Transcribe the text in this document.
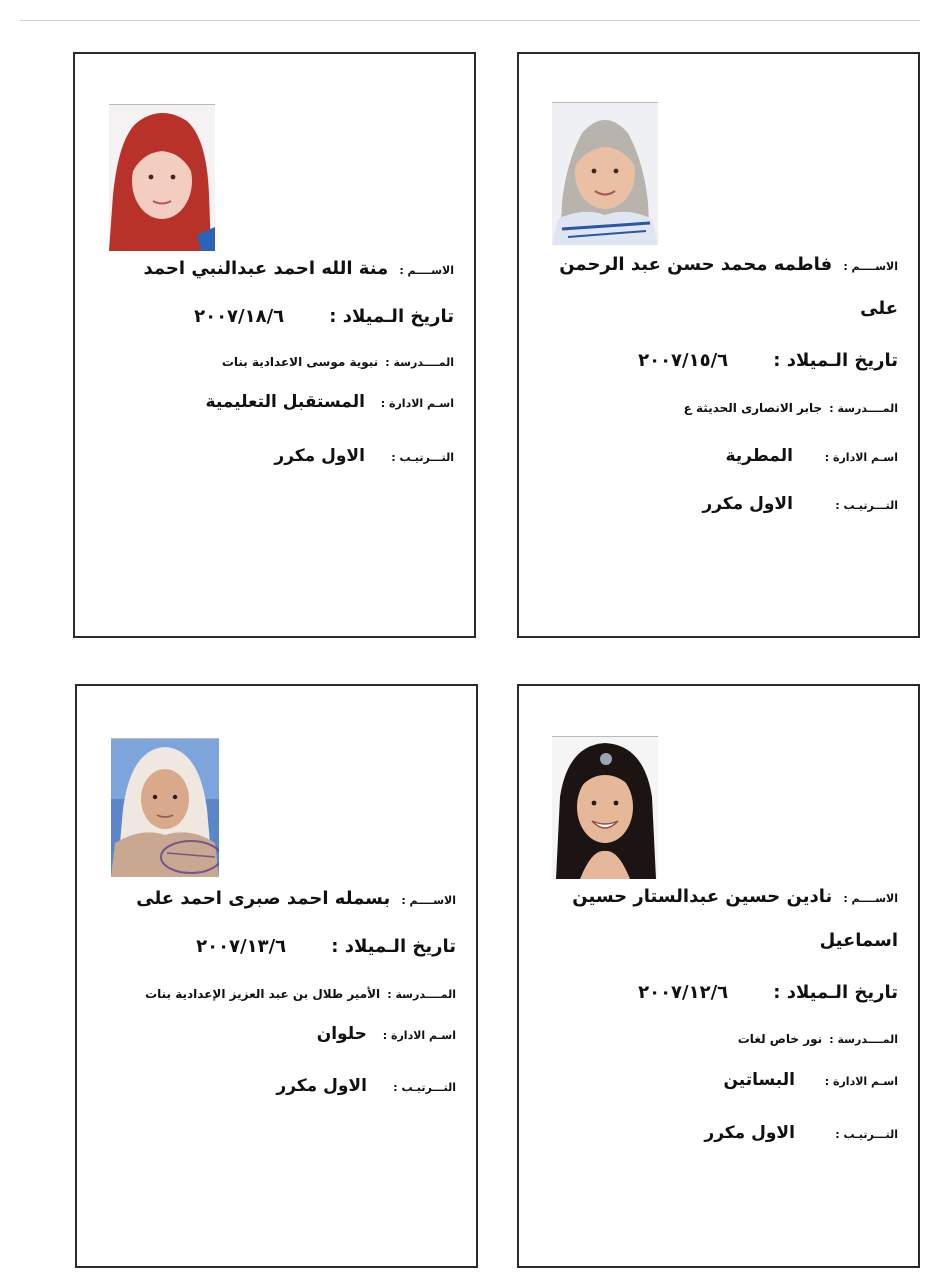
الاســــم : فاطمه محمد حسن عبد الرحمن
على
تاريخ الـميلاد : ٢٠٠٧/١٥/٦
المــــدرسة : جابر الانصارى الحديثة ع
اسـم الادارة : المطرية
التـــرتيـب : الاول مكرر
الاســــم : منة الله احمد عبدالنبي احمد
تاريخ الـميلاد : ٢٠٠٧/١٨/٦
المــــدرسة : نبوية موسى الاعدادية بنات
اسـم الادارة : المستقبل التعليمية
التـــرتيـب : الاول مكرر
الاســــم : نادين حسين عبدالستار حسين
اسماعيل
تاريخ الـميلاد : ٢٠٠٧/١٢/٦
المــــدرسة : نور خاص لغات
اسـم الادارة : البساتين
التـــرتيـب : الاول مكرر
الاســــم : بسمله احمد صبرى احمد على
تاريخ الـميلاد : ٢٠٠٧/١٣/٦
المــــدرسة : الأمير طلال بن عبد العزيز الإعدادية بنات
اسـم الادارة : حلوان
التـــرتيـب : الاول مكرر
